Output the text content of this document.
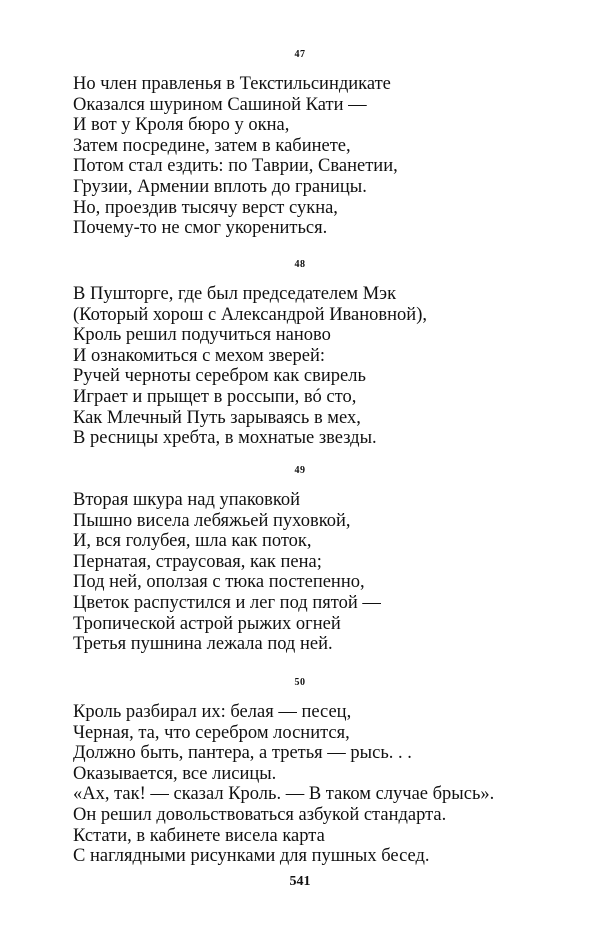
47
Но член правленья в Текстильсиндикате
Оказался шурином Сашиной Кати —
И вот у Кроля бюро у окна,
Затем посредине, затем в кабинете,
Потом стал ездить: по Таврии, Сванетии,
Грузии, Армении вплоть до границы.
Но, проездив тысячу верст сукна,
Почему-то не смог укорениться.
48
В Пушторге, где был председателем Мэк
(Который хорош с Александрой Ивановной),
Кроль решил подучиться наново
И ознакомиться с мехом зверей:
Ручей черноты серебром как свирель
Играет и прыщет в россыпи, вó сто,
Как Млечный Путь зарываясь в мех,
В ресницы хребта, в мохнатые звезды.
49
Вторая шкура над упаковкой
Пышно висела лебяжьей пуховкой,
И, вся голубея, шла как поток,
Пернатая, страусовая, как пена;
Под ней, оползая с тюка постепенно,
Цветок распустился и лег под пятой —
Тропической астрой рыжих огней
Третья пушнина лежала под ней.
50
Кроль разбирал их: белая — песец,
Черная, та, что серебром лоснится,
Должно быть, пантера, а третья — рысь. . .
Оказывается, все лисицы.
«Ах, так! — сказал Кроль. — В таком случае брысь».
Он решил довольствоваться азбукой стандарта.
Кстати, в кабинете висела карта
С наглядными рисунками для пушных бесед.
541
